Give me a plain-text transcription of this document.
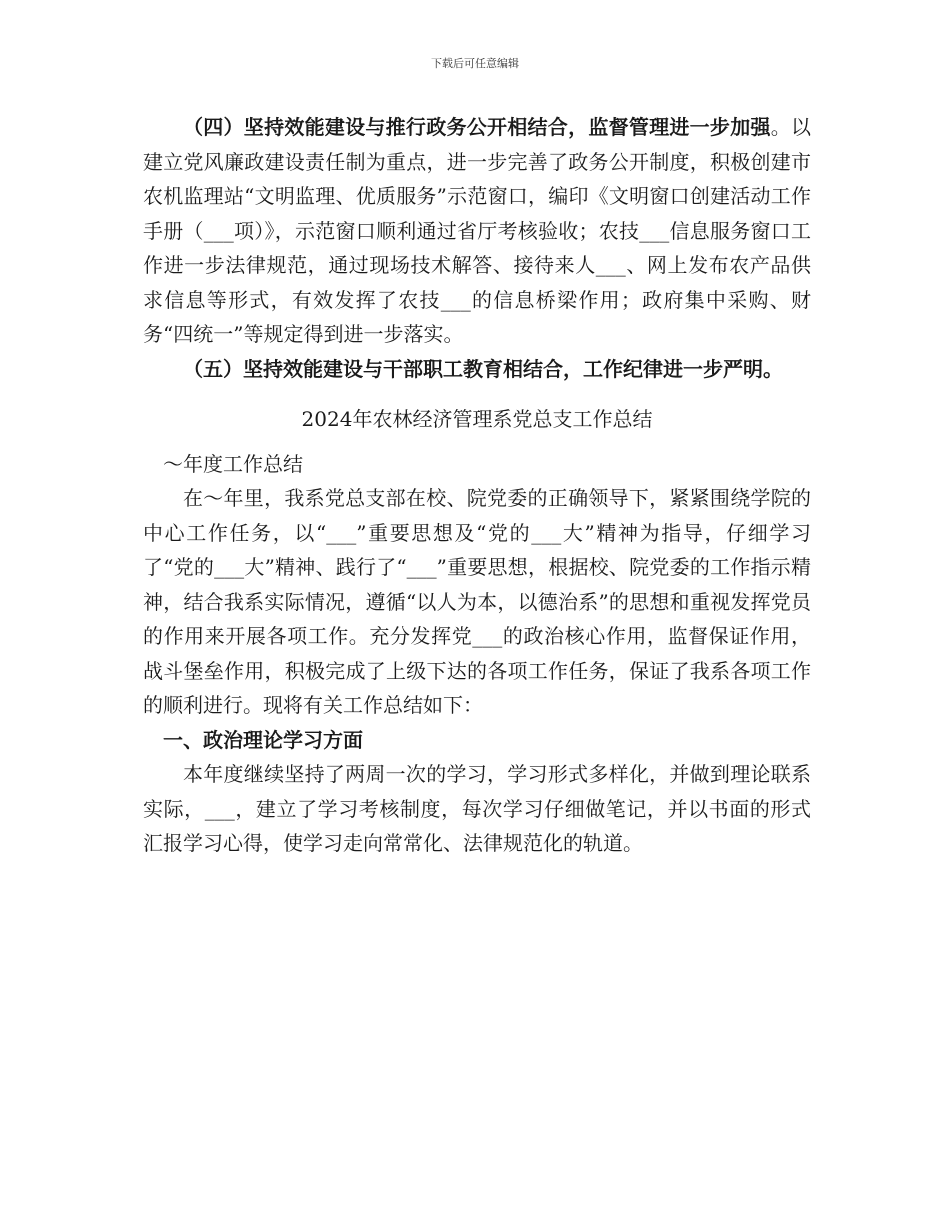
下载后可任意编辑

（四）坚持效能建设与推行政务公开相结合，监督管理进一步加强。以建立党风廉政建设责任制为重点，进一步完善了政务公开制度，积极创建市农机监理站“文明监理、优质服务”示范窗口，编印《文明窗口创建活动工作手册（___项）》，示范窗口顺利通过省厅考核验收；农技___信息服务窗口工作进一步法律规范，通过现场技术解答、接待来人___、网上发布农产品供求信息等形式，有效发挥了农技___的信息桥梁作用；政府集中采购、财务“四统一”等规定得到进一步落实。

（五）坚持效能建设与干部职工教育相结合，工作纪律进一步严明。

2024年农林经济管理系党总支工作总结

～年度工作总结

在～年里，我系党总支部在校、院党委的正确领导下，紧紧围绕学院的中心工作任务，以“___”重要思想及“党的___大”精神为指导，仔细学习了“党的___大”精神、践行了“___”重要思想，根据校、院党委的工作指示精神，结合我系实际情况，遵循“以人为本，以德治系”的思想和重视发挥党员的作用来开展各项工作。充分发挥党___的政治核心作用，监督保证作用，战斗堡垒作用，积极完成了上级下达的各项工作任务，保证了我系各项工作的顺利进行。现将有关工作总结如下：

一、政治理论学习方面

本年度继续坚持了两周一次的学习，学习形式多样化，并做到理论联系实际，___，建立了学习考核制度，每次学习仔细做笔记，并以书面的形式汇报学习心得，使学习走向常常化、法律规范化的轨道。
